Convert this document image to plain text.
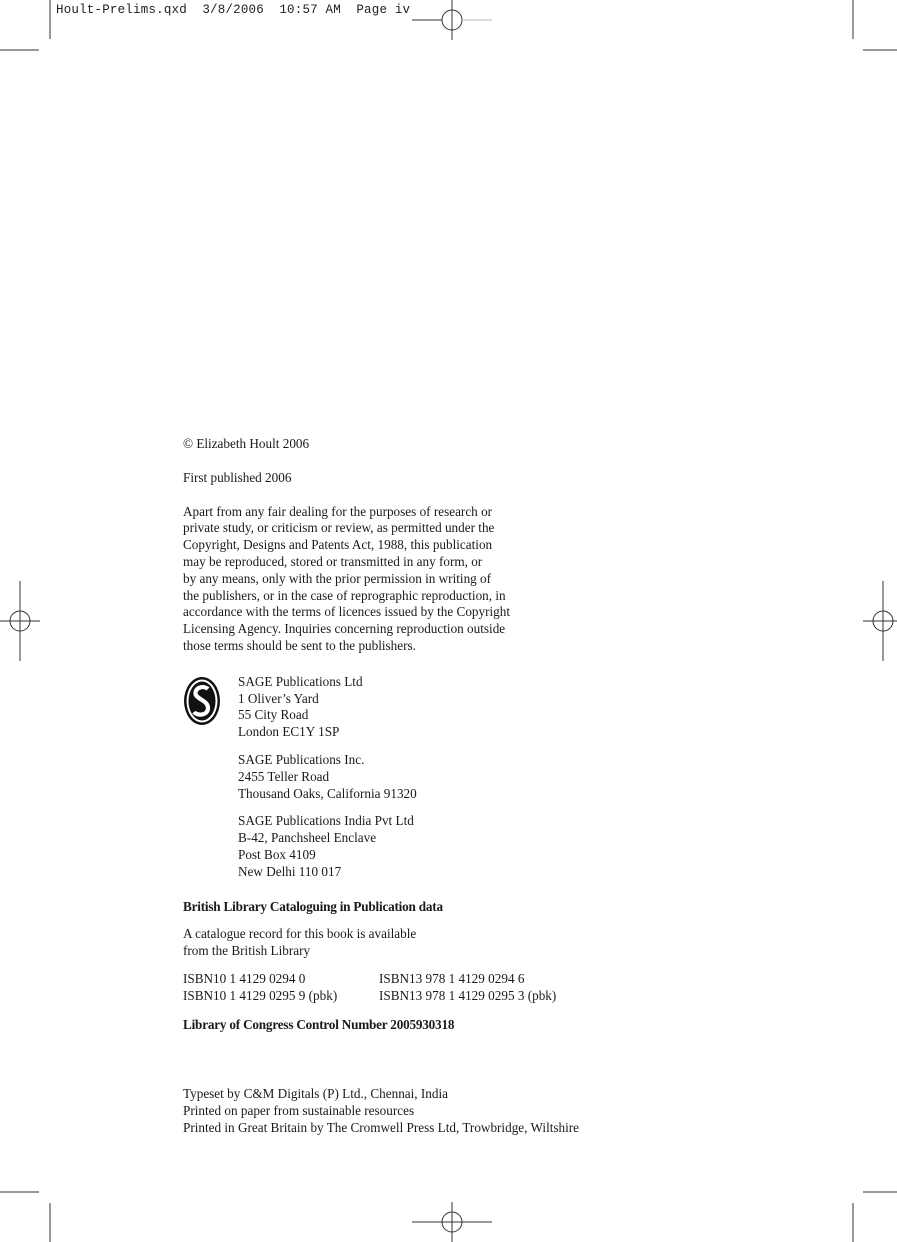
Hoult-Prelims.qxd  3/8/2006  10:57 AM  Page iv

© Elizabeth Hoult 2006

First published 2006

Apart from any fair dealing for the purposes of research or
private study, or criticism or review, as permitted under the
Copyright, Designs and Patents Act, 1988, this publication
may be reproduced, stored or transmitted in any form, or
by any means, only with the prior permission in writing of
the publishers, or in the case of reprographic reproduction, in
accordance with the terms of licences issued by the Copyright
Licensing Agency. Inquiries concerning reproduction outside
those terms should be sent to the publishers.
SAGE Publications Ltd
1 Oliver’s Yard
55 City Road
London EC1Y 1SP
SAGE Publications Inc.
2455 Teller Road
Thousand Oaks, California 91320
SAGE Publications India Pvt Ltd
B-42, Panchsheel Enclave
Post Box 4109
New Delhi 110 017

British Library Cataloguing in Publication data

A catalogue record for this book is available
from the British Library
ISBN10 1 4129 0294 0	ISBN13 978 1 4129 0294 6
ISBN10 1 4129 0295 9 (pbk)	ISBN13 978 1 4129 0295 3 (pbk)

Library of Congress Control Number 2005930318

Typeset by C&M Digitals (P) Ltd., Chennai, India
Printed on paper from sustainable resources
Printed in Great Britain by The Cromwell Press Ltd, Trowbridge, Wiltshire
